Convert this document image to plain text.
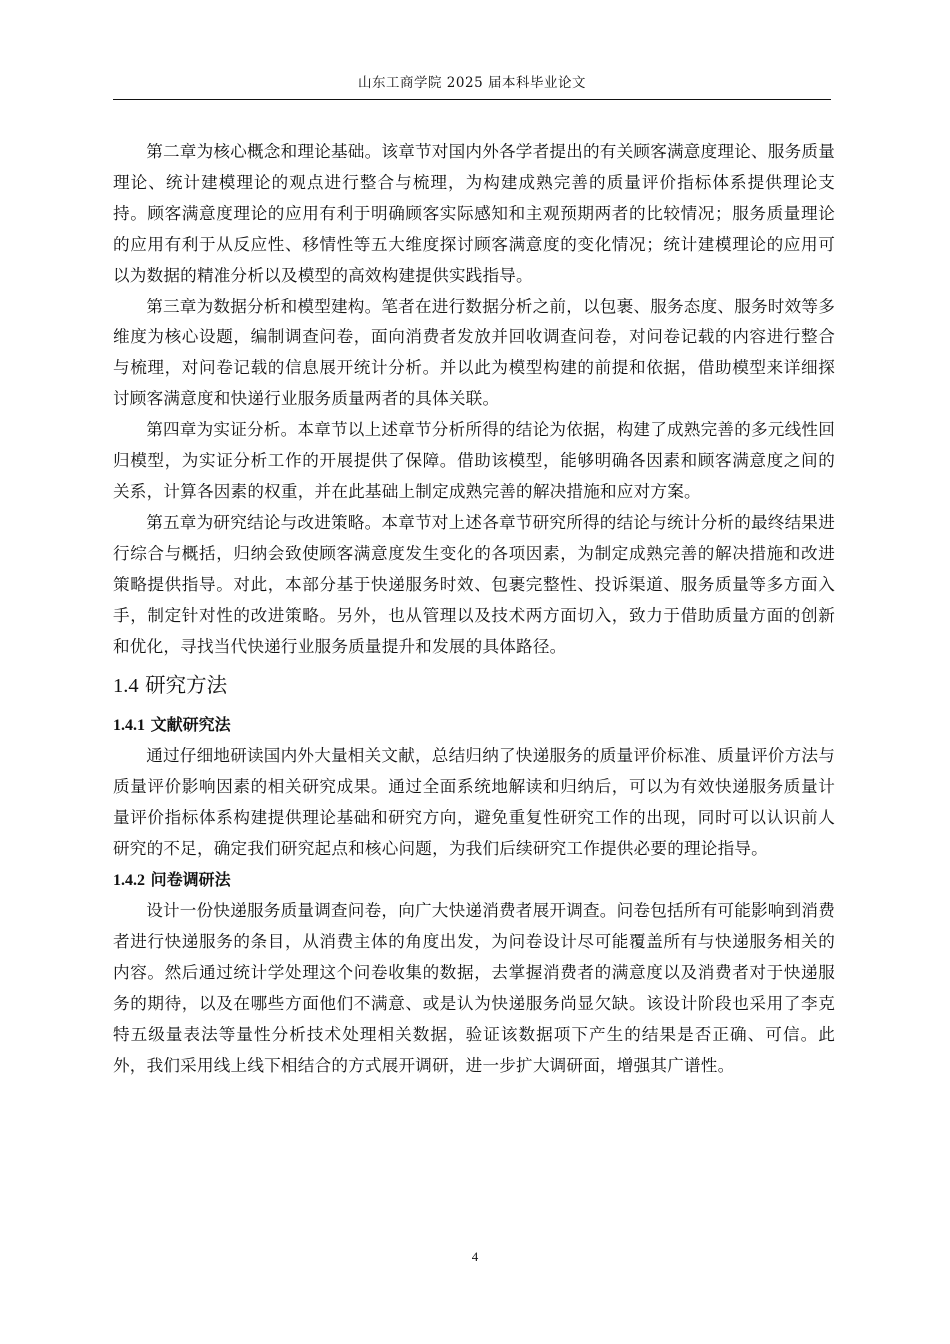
山东工商学院 2025 届本科毕业论文

第二章为核心概念和理论基础。该章节对国内外各学者提出的有关顾客满意度理论、服务质量理论、统计建模理论的观点进行整合与梳理，为构建成熟完善的质量评价指标体系提供理论支持。顾客满意度理论的应用有利于明确顾客实际感知和主观预期两者的比较情况；服务质量理论的应用有利于从反应性、移情性等五大维度探讨顾客满意度的变化情况；统计建模理论的应用可以为数据的精准分析以及模型的高效构建提供实践指导。

第三章为数据分析和模型建构。笔者在进行数据分析之前，以包裹、服务态度、服务时效等多维度为核心设题，编制调查问卷，面向消费者发放并回收调查问卷，对问卷记载的内容进行整合与梳理，对问卷记载的信息展开统计分析。并以此为模型构建的前提和依据，借助模型来详细探讨顾客满意度和快递行业服务质量两者的具体关联。

第四章为实证分析。本章节以上述章节分析所得的结论为依据，构建了成熟完善的多元线性回归模型，为实证分析工作的开展提供了保障。借助该模型，能够明确各因素和顾客满意度之间的关系，计算各因素的权重，并在此基础上制定成熟完善的解决措施和应对方案。

第五章为研究结论与改进策略。本章节对上述各章节研究所得的结论与统计分析的最终结果进行综合与概括，归纳会致使顾客满意度发生变化的各项因素，为制定成熟完善的解决措施和改进策略提供指导。对此，本部分基于快递服务时效、包裹完整性、投诉渠道、服务质量等多方面入手，制定针对性的改进策略。另外，也从管理以及技术两方面切入，致力于借助质量方面的创新和优化，寻找当代快递行业服务质量提升和发展的具体路径。

1.4 研究方法
1.4.1 文献研究法

通过仔细地研读国内外大量相关文献，总结归纳了快递服务的质量评价标准、质量评价方法与质量评价影响因素的相关研究成果。通过全面系统地解读和归纳后，可以为有效快递服务质量计量评价指标体系构建提供理论基础和研究方向，避免重复性研究工作的出现，同时可以认识前人研究的不足，确定我们研究起点和核心问题，为我们后续研究工作提供必要的理论指导。

1.4.2 问卷调研法

设计一份快递服务质量调查问卷，向广大快递消费者展开调查。问卷包括所有可能影响到消费者进行快递服务的条目，从消费主体的角度出发，为问卷设计尽可能覆盖所有与快递服务相关的内容。然后通过统计学处理这个问卷收集的数据，去掌握消费者的满意度以及消费者对于快递服务的期待，以及在哪些方面他们不满意、或是认为快递服务尚显欠缺。该设计阶段也采用了李克特五级量表法等量性分析技术处理相关数据，验证该数据项下产生的结果是否正确、可信。此外，我们采用线上线下相结合的方式展开调研，进一步扩大调研面，增强其广谱性。

4
